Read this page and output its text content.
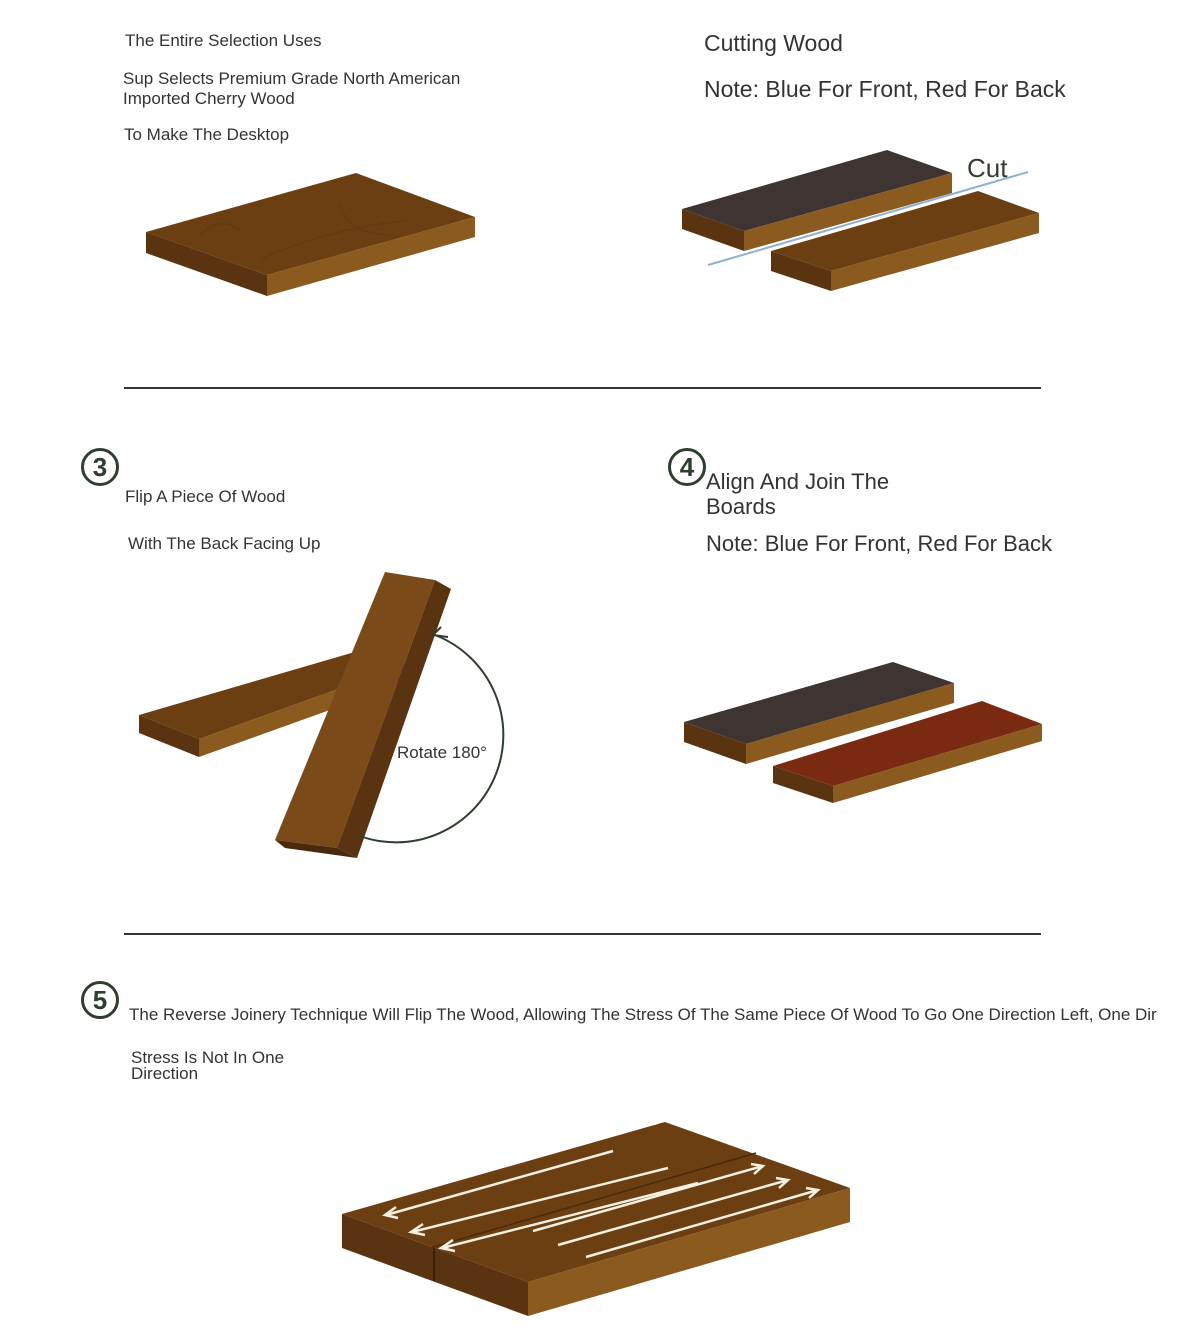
The Entire Selection Uses
Sup Selects Premium Grade North American Imported Cherry Wood
To Make The Desktop
Cutting Wood
Note: Blue For Front, Red For Back
Cut
3
Flip A Piece Of Wood
With The Back Facing Up
Rotate 180°
4 Align And Join The Boards
Note: Blue For Front, Red For Back
5	The Reverse Joinery Technique Will Flip The Wood, Allowing The Stress Of The Same Piece Of Wood To Go One Direction Left, One Dir
Stress Is Not In One Direction
